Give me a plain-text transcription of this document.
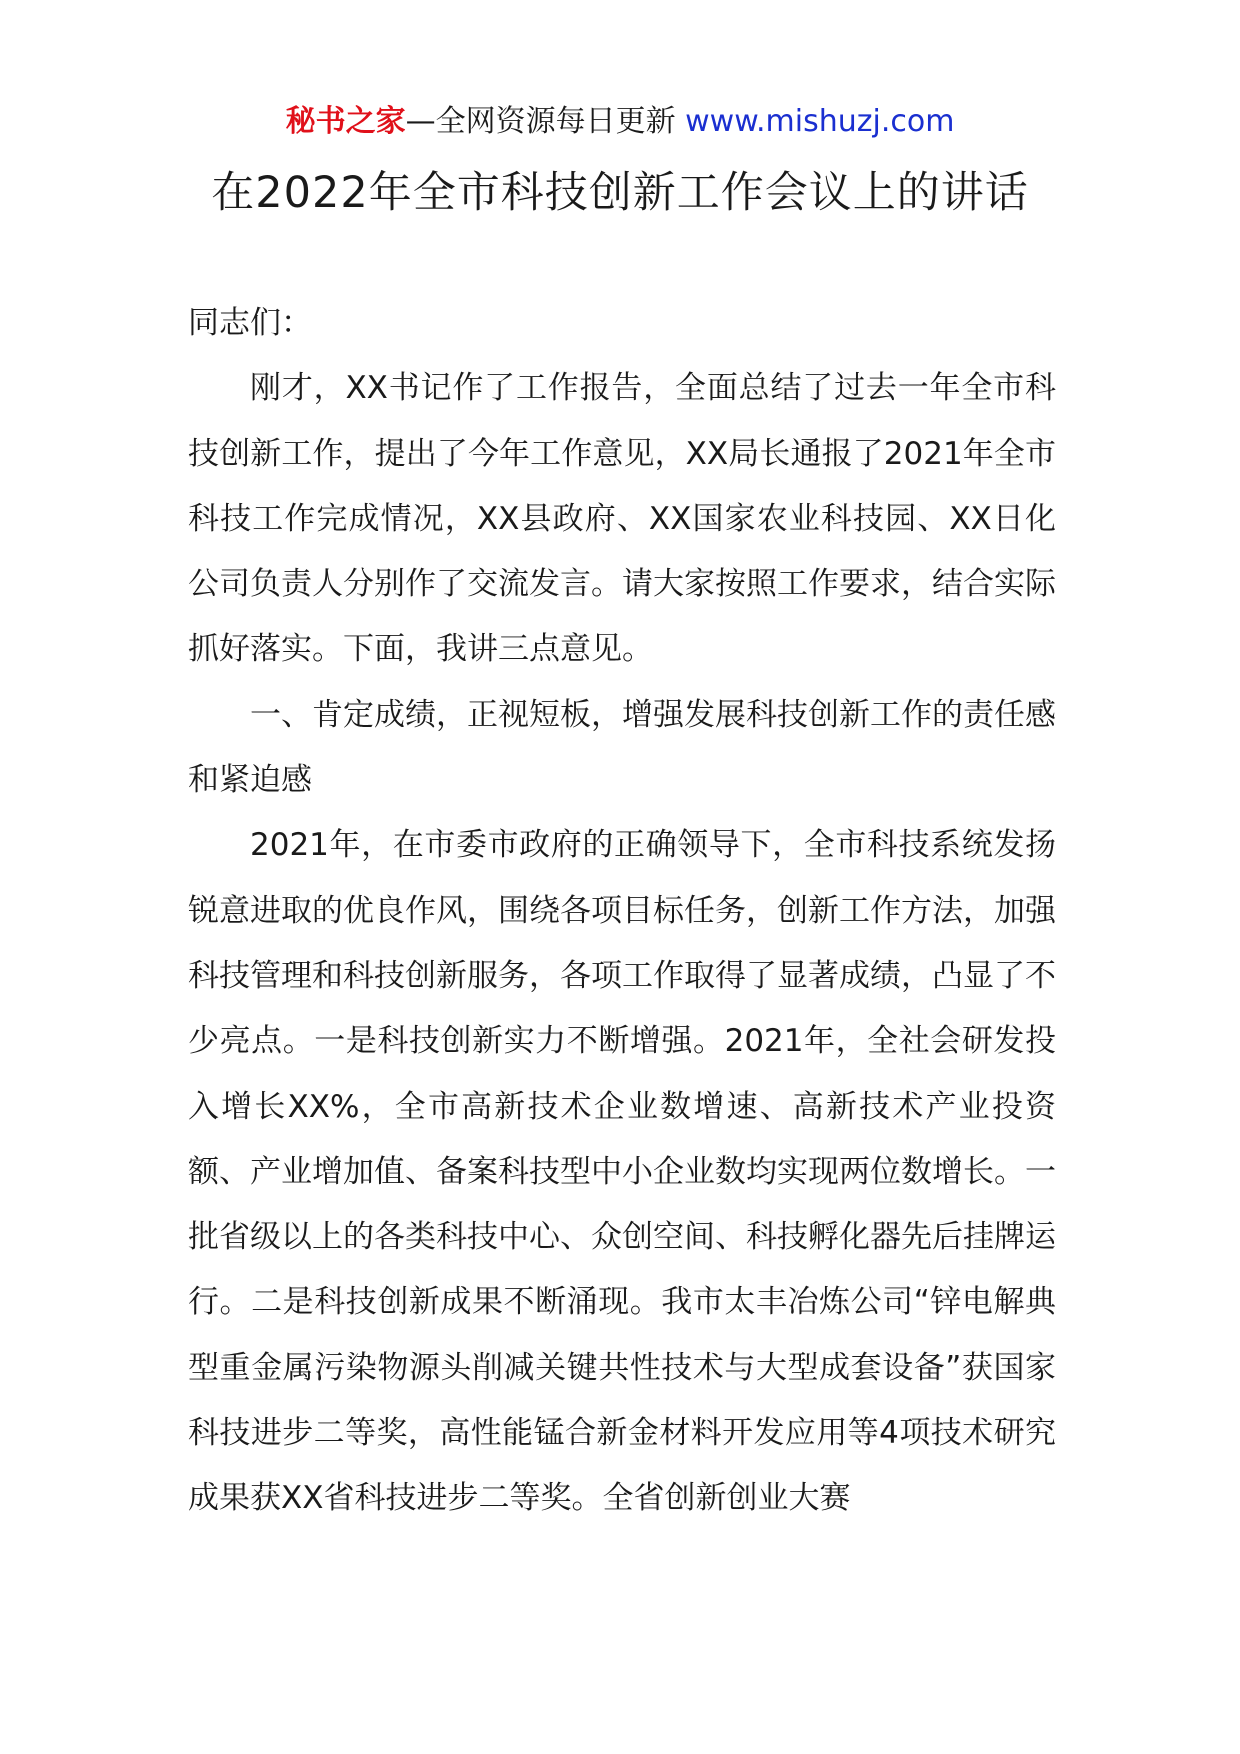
秘书之家—全网资源每日更新 www.mishuzj.com
在2022年全市科技创新工作会议上的讲话

同志们：

刚才，XX书记作了工作报告，全面总结了过去一年全市科技创新工作，提出了今年工作意见，XX局长通报了2021年全市科技工作完成情况，XX县政府、XX国家农业科技园、XX日化公司负责人分别作了交流发言。请大家按照工作要求，结合实际抓好落实。下面，我讲三点意见。

一、肯定成绩，正视短板，增强发展科技创新工作的责任感和紧迫感

2021年，在市委市政府的正确领导下，全市科技系统发扬锐意进取的优良作风，围绕各项目标任务，创新工作方法，加强科技管理和科技创新服务，各项工作取得了显著成绩，凸显了不少亮点。一是科技创新实力不断增强。2021年，全社会研发投入增长XX%，全市高新技术企业数增速、高新技术产业投资额、产业增加值、备案科技型中小企业数均实现两位数增长。一批省级以上的各类科技中心、众创空间、科技孵化器先后挂牌运行。二是科技创新成果不断涌现。我市太丰冶炼公司“锌电解典型重金属污染物源头削减关键共性技术与大型成套设备”获国家科技进步二等奖，高性能锰合新金材料开发应用等4项技术研究成果获XX省科技进步二等奖。全省创新创业大赛
